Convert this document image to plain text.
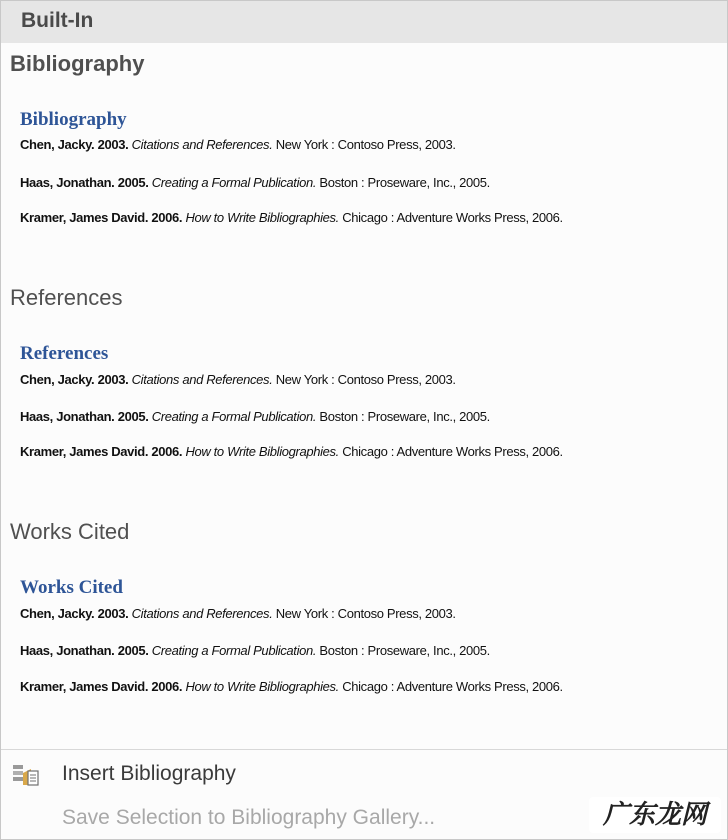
Built-In
Bibliography
Bibliography
Chen, Jacky. 2003. Citations and References. New York : Contoso Press, 2003.
Haas, Jonathan. 2005. Creating a Formal Publication. Boston : Proseware, Inc., 2005.
Kramer, James David. 2006. How to Write Bibliographies. Chicago : Adventure Works Press, 2006.
References
References
Chen, Jacky. 2003. Citations and References. New York : Contoso Press, 2003.
Haas, Jonathan. 2005. Creating a Formal Publication. Boston : Proseware, Inc., 2005.
Kramer, James David. 2006. How to Write Bibliographies. Chicago : Adventure Works Press, 2006.
Works Cited
Works Cited
Chen, Jacky. 2003. Citations and References. New York : Contoso Press, 2003.
Haas, Jonathan. 2005. Creating a Formal Publication. Boston : Proseware, Inc., 2005.
Kramer, James David. 2006. How to Write Bibliographies. Chicago : Adventure Works Press, 2006.
Insert Bibliography
Save Selection to Bibliography Gallery...	广东龙网
